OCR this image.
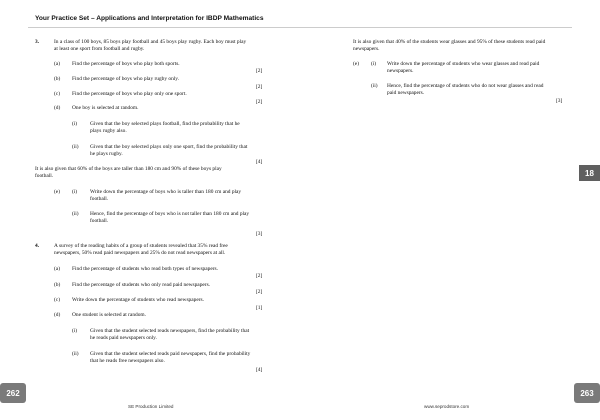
Your Practice Set – Applications and Interpretation for IBDP Mathematics
3.	In a class of 100 boys, 85 boys play football and 45 boys play rugby. Each boy must play
at least one sport from football and rugby.
(a) Find the percentage of boys who play both sports.
[2]
(b) Find the percentage of boys who play rugby only.
[2]
(c) Find the percentage of boys who play only one sport.
[2]
(d) One boy is selected at random.
(i) Given that the boy selected plays football, find the probability that he
plays rugby also.
(ii) Given that the boy selected plays only one sport, find the probability that
he plays rugby.
[4]
It is also given that 60% of the boys are taller than 180 cm and 90% of these boys play
football.
(e) (i) Write down the percentage of boys who is taller than 180 cm and play
football.
(ii) Hence, find the percentage of boys who is not taller than 180 cm and play
football.
[3]
4.	A survey of the reading habits of a group of students revealed that 35% read free
newspapers, 50% read paid newspapers and 25% do not read newspapers at all.
(a) Find the percentage of students who read both types of newspapers.
[2]
(b) Find the percentage of students who only read paid newspapers.
[2]
(c) Write down the percentage of students who read newspapers.
[1]
(d) One student is selected at random.
(i) Given that the student selected reads newspapers, find the probability that
he reads paid newspapers only.
(ii) Given that the student selected reads paid newspapers, find the probability
that he reads free newspapers also.
[4]
It is also given that 40% of the students wear glasses and 95% of these students read paid
newspapers.
(e) (i) Write down the percentage of students who wear glasses and read paid
newspapers.
(ii) Hence, find the percentage of students who do not wear glasses and read
paid newspapers.
[3]
18
262	263
SE Production Limited	www.seprodstore.com
